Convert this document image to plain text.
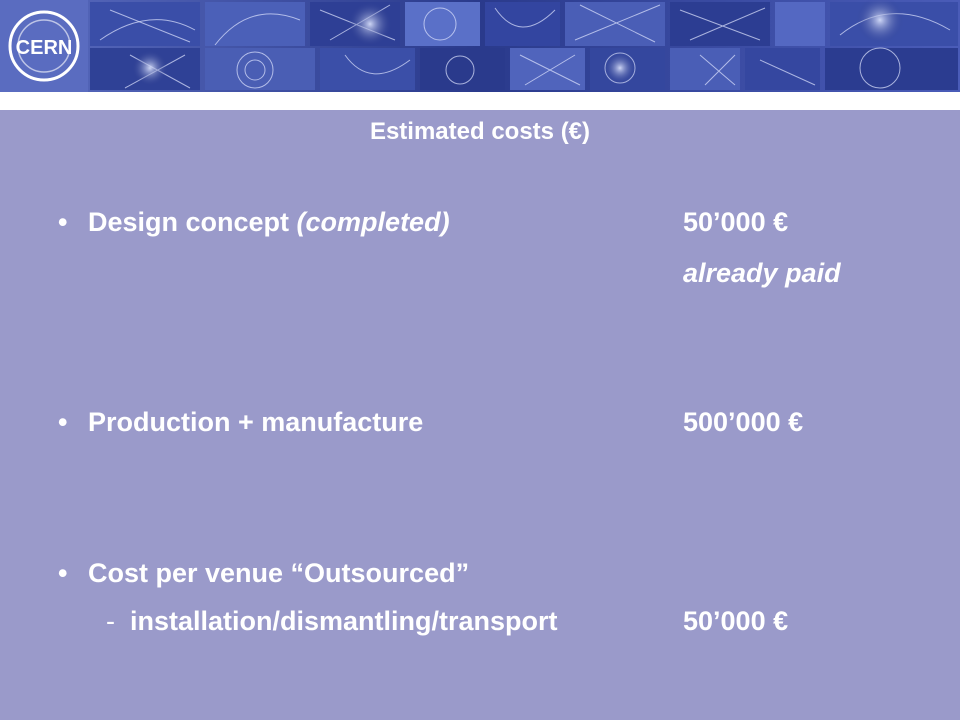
CERN
Estimated costs (€)
• Design concept (completed)	50’000 €
already paid
• Production + manufacture	500’000 €
• Cost per venue “Outsourced”
- installation/dismantling/transport	50’000 €
